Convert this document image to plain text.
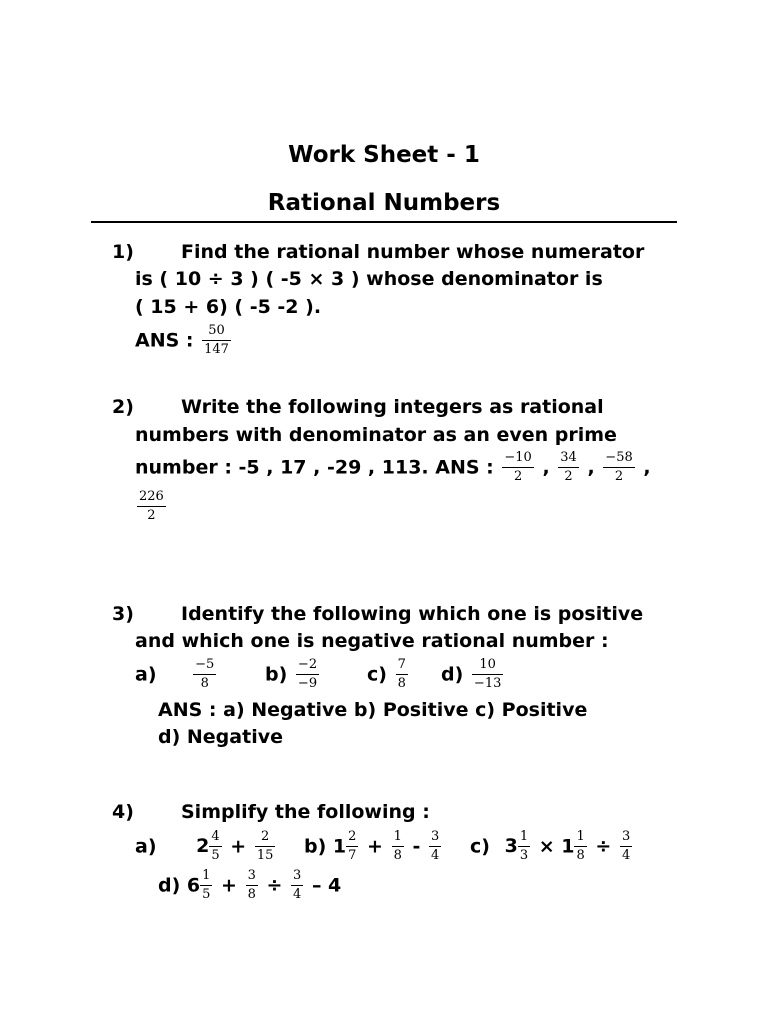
Work Sheet - 1
Rational Numbers
1) Find the rational number whose numerator
is ( 10 ÷ 3 ) ( -5 × 3 ) whose denominator is
( 15 + 6) ( -5 -2 ).
ANS : $\frac{50}{147}$
2) Write the following integers as rational
numbers with denominator as an even prime
number : -5 , 17 , -29 , 113. ANS : $\frac{-10}{2}$ , $\frac{34}{2}$ , $\frac{-58}{2}$ ,
$\frac{226}{2}$
3) Identify the following which one is positive
and which one is negative rational number :
a)	$\frac{-5}{8}$	$b) \frac{-2}{-9}$	$c) \frac{7}{8} d) \frac{10}{-13}$
ANS : a) Negative b) Positive c) Positive
d) Negative
4) Simplify the following :
a) $2 \frac{4}{5} + \frac{2}{15} b$) $1 \frac{2}{7} + \frac{1}{8} - \frac{3}{4} c$) $3 \frac{1}{3} \times 1 \frac{1}{8} \div \frac{3}{4}$
d) $6 \frac{1}{5} + \frac{3}{8} \div \frac{3}{4} - 4$
